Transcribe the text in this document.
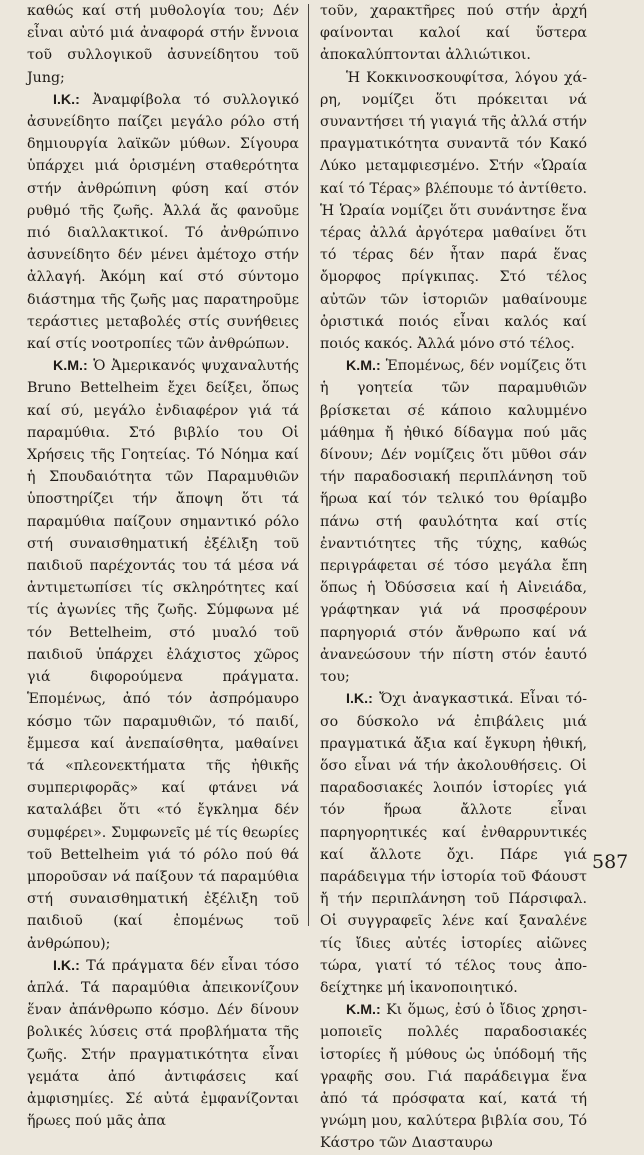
καθώς καί στή μυθολογία του; Δέν εἶναι αὐτό μιά ἀναφορά στήν ἔννοια τοῦ συλλογικοῦ ἀσυνείδητου τοῦ Jung;

Ι.Κ.: Ἀναμφίβολα τό συλλογικό ἀσυνείδητο παίζει μεγάλο ρόλο στή δημιουργία λαϊκῶν μύθων. Σίγουρα ὑπάρχει μιά ὁρισμένη σταθερότητα στήν ἀνθρώπινη φύση καί στόν ρυθμό τῆς ζωῆς. Ἀλλά ἄς φανοῦμε πιό διαλλακτικοί. Τό ἀνθρώπινο ἀσυνείδητο δέν μένει ἀμέτοχο στήν ἀλλαγή. Ἀκόμη καί στό σύντομο διάστημα τῆς ζωῆς μας παρατηροῦμε τεράστιες μεταβολές στίς συνήθειες καί στίς νοοτροπίες τῶν ἀνθρώπων.

Κ.Μ.: Ὁ Ἀμερικανός ψυχαναλυτής Bruno Bettelheim ἔχει δείξει, ὅπως καί σύ, μεγάλο ἐνδιαφέρον γιά τά παραμύθια. Στό βιβλίο του Οἱ Χρήσεις τῆς Γοητείας. Τό Νόημα καί ἡ Σπουδαιότητα τῶν Παραμυθιῶν ὑποστηρίζει τήν ἄποψη ὅτι τά παραμύθια παίζουν σημαντικό ρόλο στή συναισθηματική ἐξέλιξη τοῦ παιδιοῦ παρέχοντάς του τά μέσα νά ἀντιμετωπίσει τίς σκληρότητες καί τίς ἀγωνίες τῆς ζωῆς. Σύμφωνα μέ τόν Bettelheim, στό μυαλό τοῦ παιδιοῦ ὑπάρχει ἐλάχιστος χῶρος γιά διφορούμενα πράγματα. Ἑπομένως, ἀπό τόν ἀσπρόμαυρο κόσμο τῶν παραμυθιῶν, τό παιδί, ἔμμεσα καί ἀνεπαίσθητα, μαθαίνει τά «πλεονεκτήματα τῆς ἠθικῆς συμπεριφορᾶς» καί φτάνει νά καταλάβει ὅτι «τό ἔγκλημα δέν συμφέρει». Συμφωνεῖς μέ τίς θεωρίες τοῦ Bettelheim γιά τό ρόλο πού θά μποροῦσαν νά παίξουν τά παραμύθια στή συναισθηματική ἐξέλιξη τοῦ παιδιοῦ (καί ἐπομένως τοῦ ἀνθρώπου);

Ι.Κ.: Τά πράγματα δέν εἶναι τόσο ἁπλά. Τά παραμύθια ἀπεικονίζουν ἕναν ἀπάνθρωπο κόσμο. Δέν δίνουν βολικές λύσεις στά προβλήματα τῆς ζωῆς. Στήν πραγματικότητα εἶναι γεμάτα ἀπό ἀντιφάσεις καί ἀμφισημίες. Σέ αὐτά ἐμφανίζονται ἥρωες πού μᾶς ἀπα

τοῦν, χαρακτῆρες πού στήν ἀρχή φαίνονται καλοί καί ὕστερα ἀποκαλύπτονται ἀλλιώτικοι.

Ἡ Κοκκινοσκουφίτσα, λόγου χάρη, νομίζει ὅτι πρόκειται νά συναντήσει τή γιαγιά τῆς ἀλλά στήν πραγματικότητα συναντᾶ τόν Κακό Λύκο μεταμφιεσμένο. Στήν «Ὡραία καί τό Τέρας» βλέπουμε τό ἀντίθετο. Ἡ Ὡραία νομίζει ὅτι συνάντησε ἕνα τέρας ἀλλά ἀργότερα μαθαίνει ὅτι τό τέρας δέν ἦταν παρά ἕνας ὄμορφος πρίγκιπας. Στό τέλος αὐτῶν τῶν ἱστοριῶν μαθαίνουμε ὁριστικά ποιός εἶναι καλός καί ποιός κακός. Ἀλλά μόνο στό τέλος.

Κ.Μ.: Ἑπομένως, δέν νομίζεις ὅτι ἡ γοητεία τῶν παραμυθιῶν βρίσκεται σέ κάποιο καλυμμένο μάθημα ἤ ἠθικό δίδαγμα πού μᾶς δίνουν; Δέν νομίζεις ὅτι μῦθοι σάν τήν παραδοσιακή περιπλάνηση τοῦ ἥρωα καί τόν τελικό του θρίαμβο πάνω στή φαυλότητα καί στίς ἐναντιότητες τῆς τύχης, καθώς περιγράφεται σέ τόσο μεγάλα ἔπη ὅπως ἡ Ὀδύσσεια καί ἡ Αἰνειάδα, γράφτηκαν γιά νά προσφέρουν παρηγοριά στόν ἄνθρωπο καί νά ἀνανεώσουν τήν πίστη στόν ἑαυτό του;

Ι.Κ.: Ὄχι ἀναγκαστικά. Εἶναι τόσο δύσκολο νά ἐπιβάλεις μιά πραγματικά ἄξια καί ἔγκυρη ἠθική, ὅσο εἶναι νά τήν ἀκολουθήσεις. Οἱ παραδοσιακές λοιπόν ἱστορίες γιά τόν ἥρωα ἄλλοτε εἶναι παρηγορητικές καί ἐνθαρρυντικές καί ἄλλοτε ὄχι. Πάρε γιά παράδειγμα τήν ἱστορία τοῦ Φάουστ ἤ τήν περιπλάνηση τοῦ Πάρσιφαλ. Οἱ συγγραφεῖς λένε καί ξαναλένε τίς ἴδιες αὐτές ἱστορίες αἰῶνες τώρα, γιατί τό τέλος τους ἀποδείχτηκε μή ἱκανοποιητικό.

Κ.Μ.: Κι ὅμως, ἐσύ ὁ ἴδιος χρησιμοποιεῖς πολλές παραδοσιακές ἱστορίες ἤ μύθους ὡς ὑπόδομή τῆς γραφῆς σου. Γιά παράδειγμα ἕνα ἀπό τά πρόσφατα καί, κατά τή γνώμη μου, καλύτερα βιβλία σου, Τό Κάστρο τῶν Διασταυρω

587
